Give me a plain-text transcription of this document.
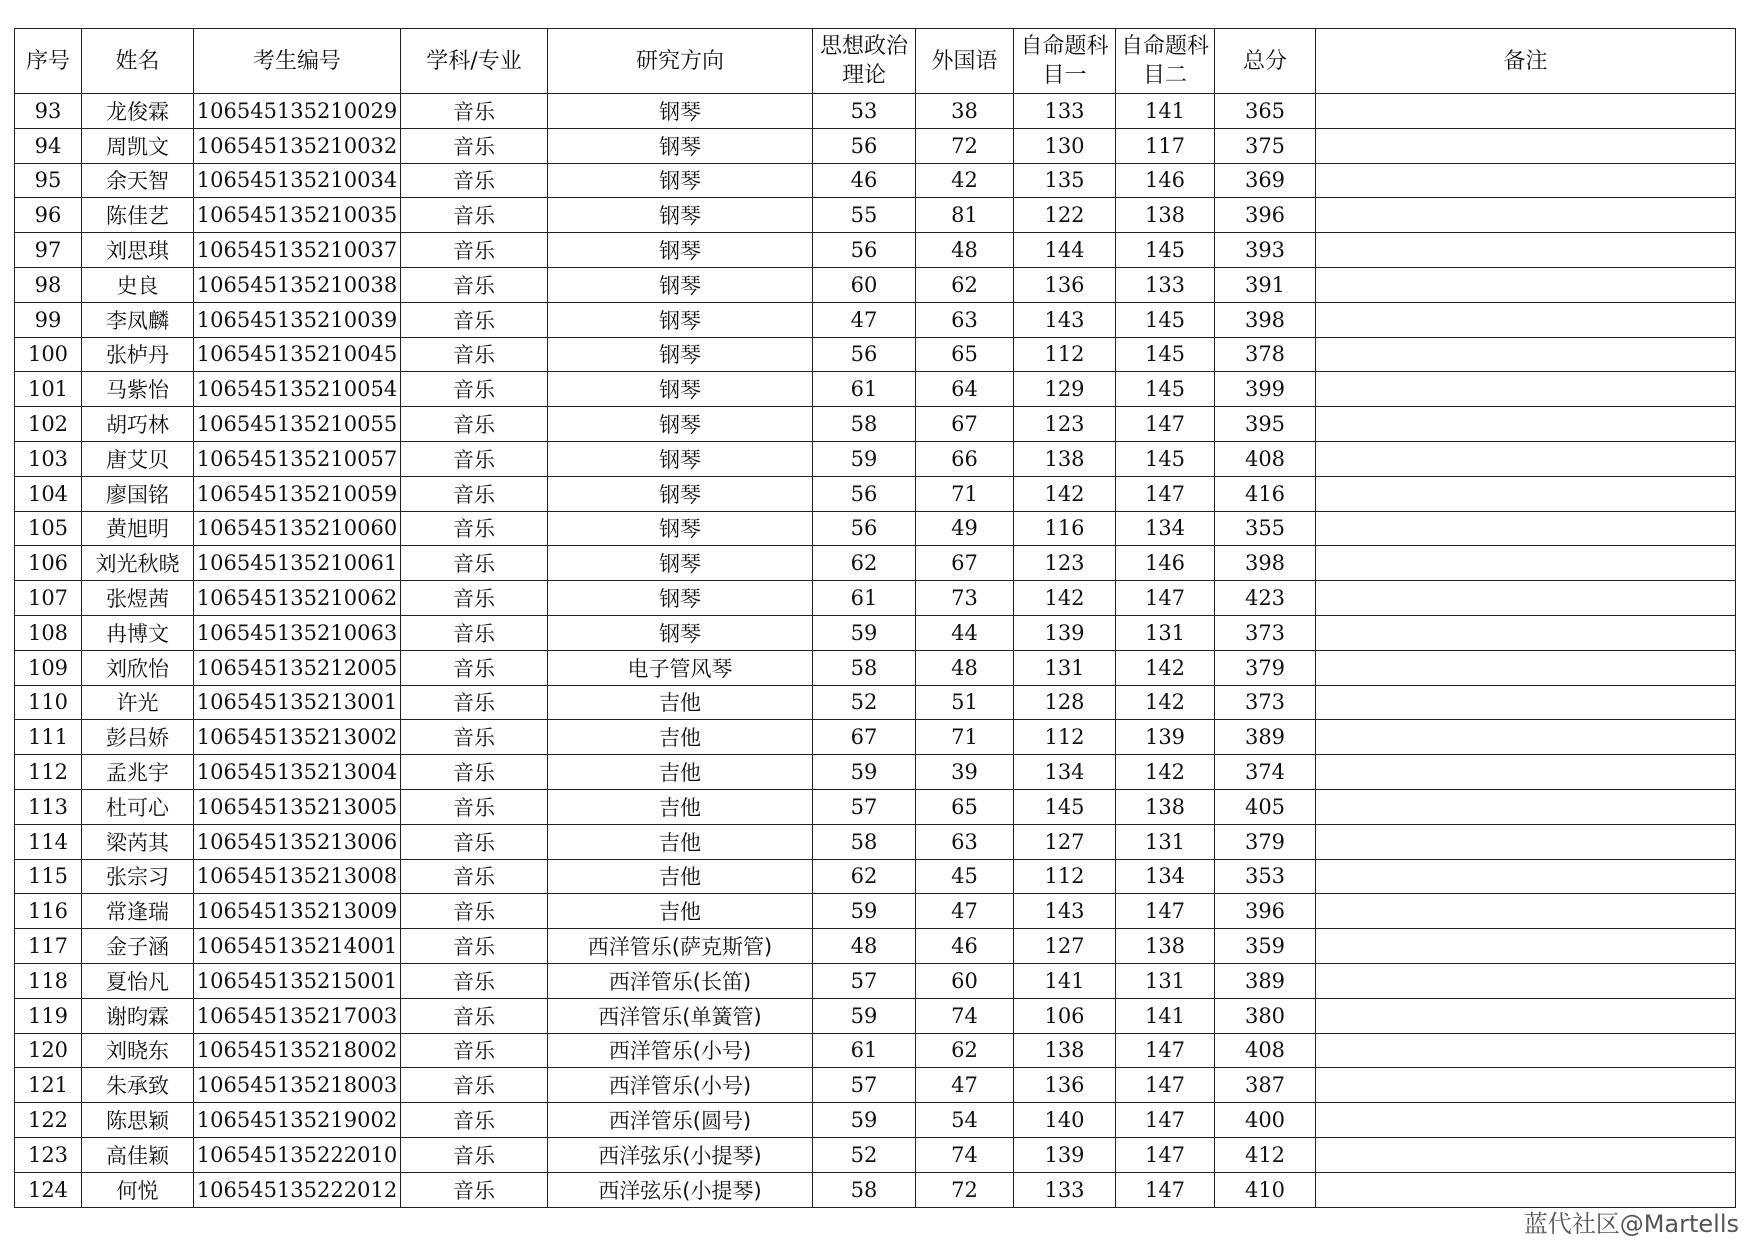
序号	姓名	考生编号	学科/专业	研究方向	思想政治理论	外国语	自命题科目一	自命题科目二	总分	备注
93	龙俊霖	106545135210029	音乐	钢琴	53	38	133	141	365	
94	周凯文	106545135210032	音乐	钢琴	56	72	130	117	375	
95	余天智	106545135210034	音乐	钢琴	46	42	135	146	369	
96	陈佳艺	106545135210035	音乐	钢琴	55	81	122	138	396	
97	刘思琪	106545135210037	音乐	钢琴	56	48	144	145	393	
98	史良	106545135210038	音乐	钢琴	60	62	136	133	391	
99	李凤麟	106545135210039	音乐	钢琴	47	63	143	145	398	
100	张栌丹	106545135210045	音乐	钢琴	56	65	112	145	378	
101	马紫怡	106545135210054	音乐	钢琴	61	64	129	145	399	
102	胡巧林	106545135210055	音乐	钢琴	58	67	123	147	395	
103	唐艾贝	106545135210057	音乐	钢琴	59	66	138	145	408	
104	廖国铭	106545135210059	音乐	钢琴	56	71	142	147	416	
105	黄旭明	106545135210060	音乐	钢琴	56	49	116	134	355	
106	刘光秋晓	106545135210061	音乐	钢琴	62	67	123	146	398	
107	张煜茜	106545135210062	音乐	钢琴	61	73	142	147	423	
108	冉博文	106545135210063	音乐	钢琴	59	44	139	131	373	
109	刘欣怡	106545135212005	音乐	电子管风琴	58	48	131	142	379	
110	许光	106545135213001	音乐	吉他	52	51	128	142	373	
111	彭吕娇	106545135213002	音乐	吉他	67	71	112	139	389	
112	孟兆宇	106545135213004	音乐	吉他	59	39	134	142	374	
113	杜可心	106545135213005	音乐	吉他	57	65	145	138	405	
114	梁芮其	106545135213006	音乐	吉他	58	63	127	131	379	
115	张宗习	106545135213008	音乐	吉他	62	45	112	134	353	
116	常逢瑞	106545135213009	音乐	吉他	59	47	143	147	396	
117	金子涵	106545135214001	音乐	西洋管乐(萨克斯管)	48	46	127	138	359	
118	夏怡凡	106545135215001	音乐	西洋管乐(长笛)	57	60	141	131	389	
119	谢昀霖	106545135217003	音乐	西洋管乐(单簧管)	59	74	106	141	380	
120	刘晓东	106545135218002	音乐	西洋管乐(小号)	61	62	138	147	408	
121	朱承致	106545135218003	音乐	西洋管乐(小号)	57	47	136	147	387	
122	陈思颖	106545135219002	音乐	西洋管乐(圆号)	59	54	140	147	400	
123	高佳颖	106545135222010	音乐	西洋弦乐(小提琴)	52	74	139	147	412	
124	何悦	106545135222012	音乐	西洋弦乐(小提琴)	58	72	133	147	410	
蓝代社区@Martells
